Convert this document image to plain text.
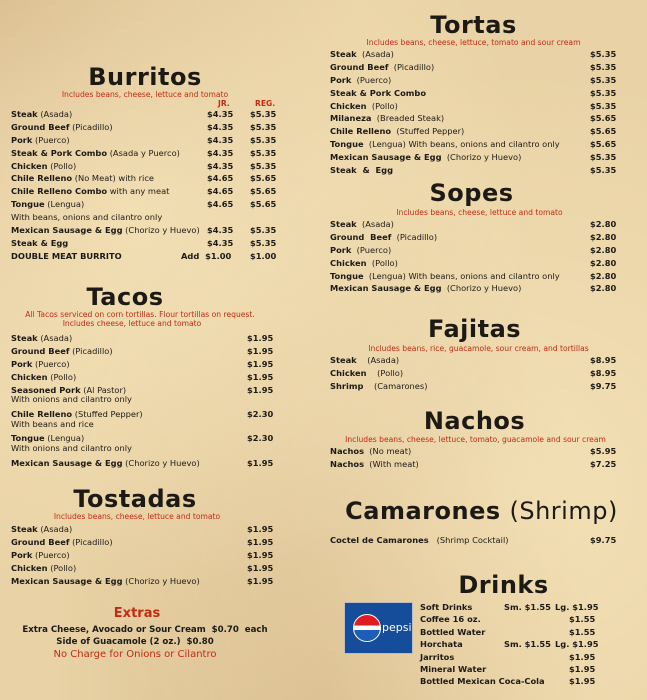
Burritos
Includes beans, cheese, lettuce and tomato
JR.	REG.
Steak (Asada)	$4.35 $5.35
Ground Beef (Picadillo)	$4.35 $5.35
Pork (Puerco)	$4.35 $5.35
Steak & Pork Combo (Asada y Puerco)	$4.35 $5.35
Chicken (Pollo)	$4.35 $5.35
Chile Relleno (No Meat) with rice	$4.65 $5.65
Chile Relleno Combo with any meat	$4.65 $5.65
Tongue (Lengua)	$4.65 $5.65
With beans, onions and cilantro only
Mexican Sausage & Egg (Chorizo y Huevo) $4.35 $5.35
Steak & Egg	$4.35 $5.35
DOUBLE MEAT BURRITO	Add  $1.00 $1.00
Tacos
All Tacos serviced on corn tortillas. Flour tortillas on request.
Includes cheese, lettuce and tomato
Steak (Asada)	$1.95
Ground Beef (Picadillo)	$1.95
Pork (Puerco)	$1.95
Chicken (Pollo)	$1.95
Seasoned Pork (Al Pastor)	$1.95
With onions and cilantro only
Chile Relleno (Stuffed Pepper)	$2.30
With beans and rice
Tongue (Lengua)	$2.30
With onions and cilantro only
Mexican Sausage & Egg (Chorizo y Huevo)	$1.95
Tostadas
Includes beans, cheese, lettuce and tomato
Steak (Asada)	$1.95
Ground Beef (Picadillo)	$1.95
Pork (Puerco)	$1.95
Chicken (Pollo)	$1.95
Mexican Sausage & Egg (Chorizo y Huevo)	$1.95
Extras
Extra Cheese, Avocado or Sour Cream  $0.70  each
Side of Guacamole (2 oz.)  $0.80
No Charge for Onions or Cilantro
Tortas
Includes beans, cheese, lettuce, tomato and sour cream
Steak  (Asada)	$5.35
Ground Beef  (Picadillo)	$5.35
Pork  (Puerco)	$5.35
Steak & Pork Combo	$5.35
Chicken  (Pollo)	$5.35
Milaneza  (Breaded Steak)	$5.65
Chile Relleno  (Stuffed Pepper)	$5.65
Tongue  (Lengua) With beans, onions and cilantro only	$5.65
Mexican Sausage & Egg  (Chorizo y Huevo)	$5.35
Steak  &  Egg	$5.35
Sopes
Includes beans, cheese, lettuce and tomato
Steak  (Asada)	$2.80
Ground  Beef  (Picadillo)	$2.80
Pork  (Puerco)	$2.80
Chicken  (Pollo)	$2.80
Tongue  (Lengua) With beans, onions and cilantro only	$2.80
Mexican Sausage & Egg  (Chorizo y Huevo)	$2.80
Fajitas
Includes beans, rice, guacamole, sour cream, and tortillas
Steak    (Asada)	$8.95
Chicken    (Pollo)	$8.95
Shrimp    (Camarones)	$9.75
Nachos
Includes beans, cheese, lettuce, tomato, guacamole and sour cream
Nachos  (No meat)	$5.95
Nachos  (With meat)	$7.25
Camarones (Shrimp)
Coctel de Camarones   (Shrimp Cocktail)	$9.75
Drinks
pepsi
Soft Drinks	Sm. $1.55 Lg. $1.95
Coffee 16 oz.	$1.55
Bottled Water	$1.55
Horchata	Sm. $1.55 Lg. $1.95
Jarritos	$1.95
Mineral Water	$1.95
Bottled Mexican Coca-Cola	$1.95
